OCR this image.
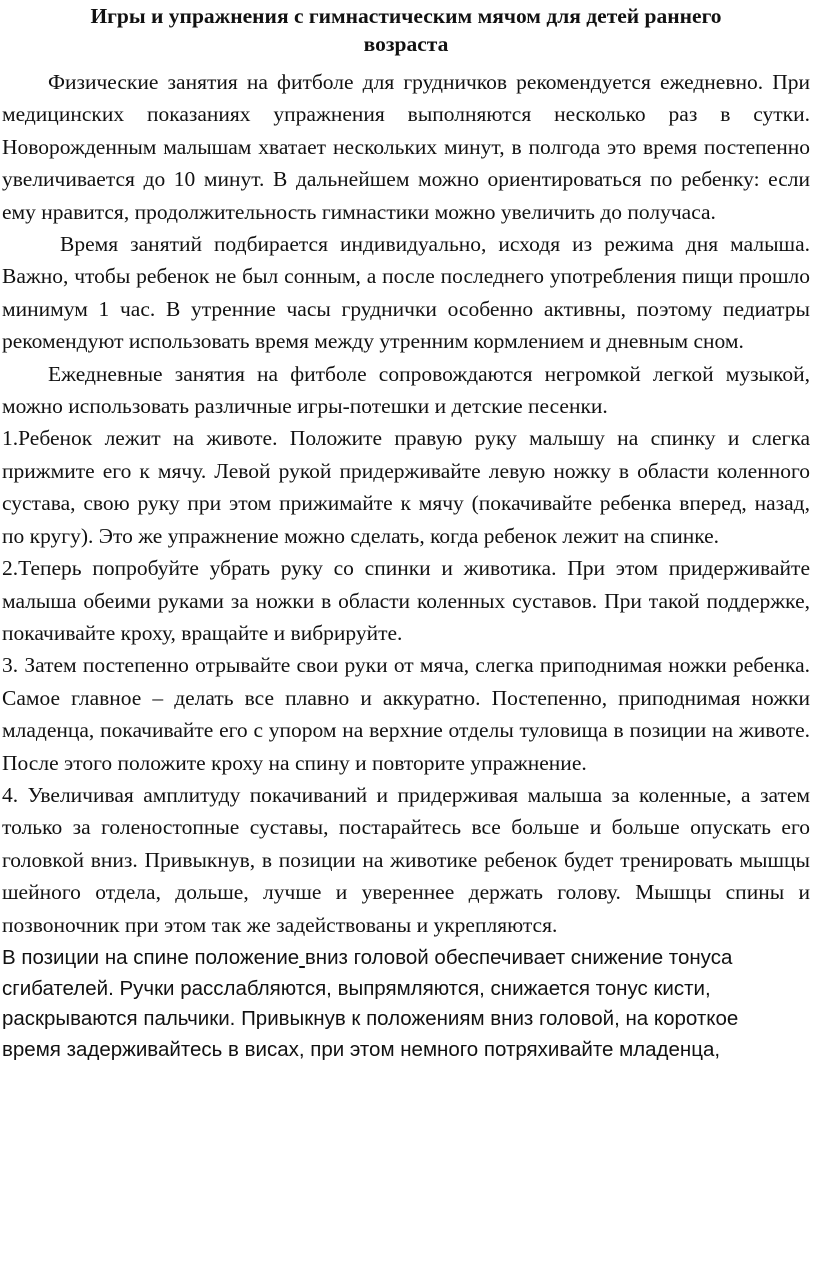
Игры и упражнения с гимнастическим мячом для детей раннего
возраста

Физические занятия на фитболе для грудничков рекомендуется ежедневно. При медицинских показаниях упражнения выполняются несколько раз в сутки. Новорожденным малышам хватает нескольких минут, в полгода это время постепенно увеличивается до 10 минут. В дальнейшем можно ориентироваться по ребенку: если ему нравится, продолжительность гимнастики можно увеличить до получаса.

Время занятий подбирается индивидуально, исходя из режима дня малыша. Важно, чтобы ребенок не был сонным, а после последнего употребления пищи прошло минимум 1 час. В утренние часы груднички особенно активны, поэтому педиатры рекомендуют использовать время между утренним кормлением и дневным сном.

Ежедневные занятия на фитболе сопровождаются негромкой легкой музыкой, можно использовать различные игры-потешки и детские песенки.

1.Ребенок лежит на животе. Положите правую руку малышу на спинку и слегка прижмите его к мячу. Левой рукой придерживайте левую ножку в области коленного сустава, свою руку при этом прижимайте к мячу (покачивайте ребенка вперед, назад, по кругу). Это же упражнение можно сделать, когда ребенок лежит на спинке.

2.Теперь попробуйте убрать руку со спинки и животика. При этом придерживайте малыша обеими руками за ножки в области коленных суставов. При такой поддержке, покачивайте кроху, вращайте и вибрируйте.

3. Затем постепенно отрывайте свои руки от мяча, слегка приподнимая ножки ребенка. Самое главное – делать все плавно и аккуратно. Постепенно, приподнимая ножки младенца, покачивайте его с упором на верхние отделы туловища в позиции на животе. После этого положите кроху на спину и повторите упражнение.

4. Увеличивая амплитуду покачиваний и придерживая малыша за коленные, а затем только за голеностопные суставы, постарайтесь все больше и больше опускать его головкой вниз. Привыкнув, в позиции на животике ребенок будет тренировать мышцы шейного отдела, дольше, лучше и увереннее держать голову. Мышцы спины и позвоночник при этом так же задействованы и укрепляются.

В позиции на спине положение вниз головой обеспечивает снижение тонуса сгибателей. Ручки расслабляются, выпрямляются, снижается тонус кисти, раскрываются пальчики. Привыкнув к положениям вниз головой, на короткое время задерживайтесь в висах, при этом немного потряхивайте младенца,
